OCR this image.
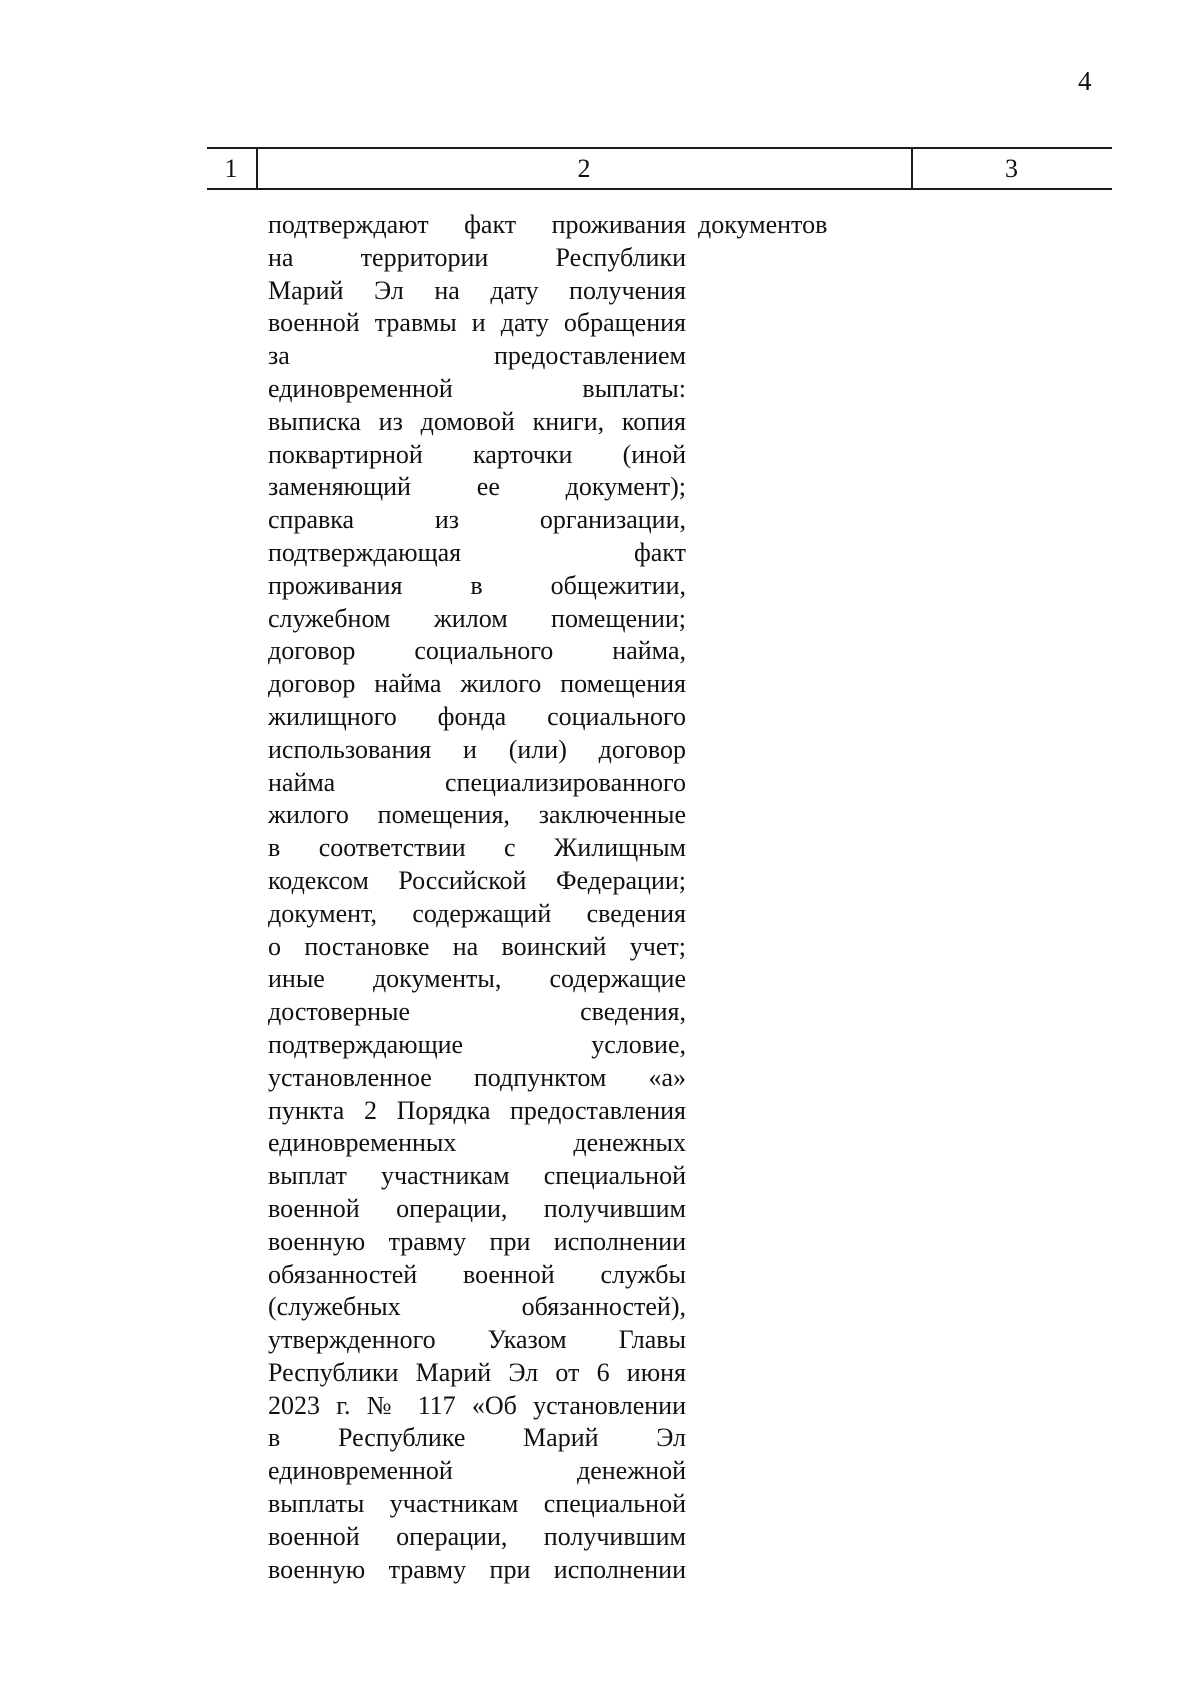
4
1	2	3
подтверждают факт проживания
на территории Республики
Марий Эл на дату получения
военной травмы и дату обращения
за предоставлением
единовременной выплаты:
выписка из домовой книги, копия
поквартирной карточки (иной
заменяющий ее документ);
справка из организации,
подтверждающая факт
проживания в общежитии,
служебном жилом помещении;
договор социального найма,
договор найма жилого помещения
жилищного фонда социального
использования и (или) договор
найма специализированного
жилого помещения, заключенные
в соответствии с Жилищным
кодексом Российской Федерации;
документ, содержащий сведения
о постановке на воинский учет;
иные документы, содержащие
достоверные сведения,
подтверждающие условие,
установленное подпунктом «а»
пункта 2 Порядка предоставления
единовременных денежных
выплат участникам специальной
военной операции, получившим
военную травму при исполнении
обязанностей военной службы
(служебных обязанностей),
утвержденного Указом Главы
Республики Марий Эл от 6 июня
2023 г. № 117 «Об установлении
в Республике Марий Эл
единовременной денежной
выплаты участникам специальной
военной операции, получившим
военную травму при исполнении
документов
